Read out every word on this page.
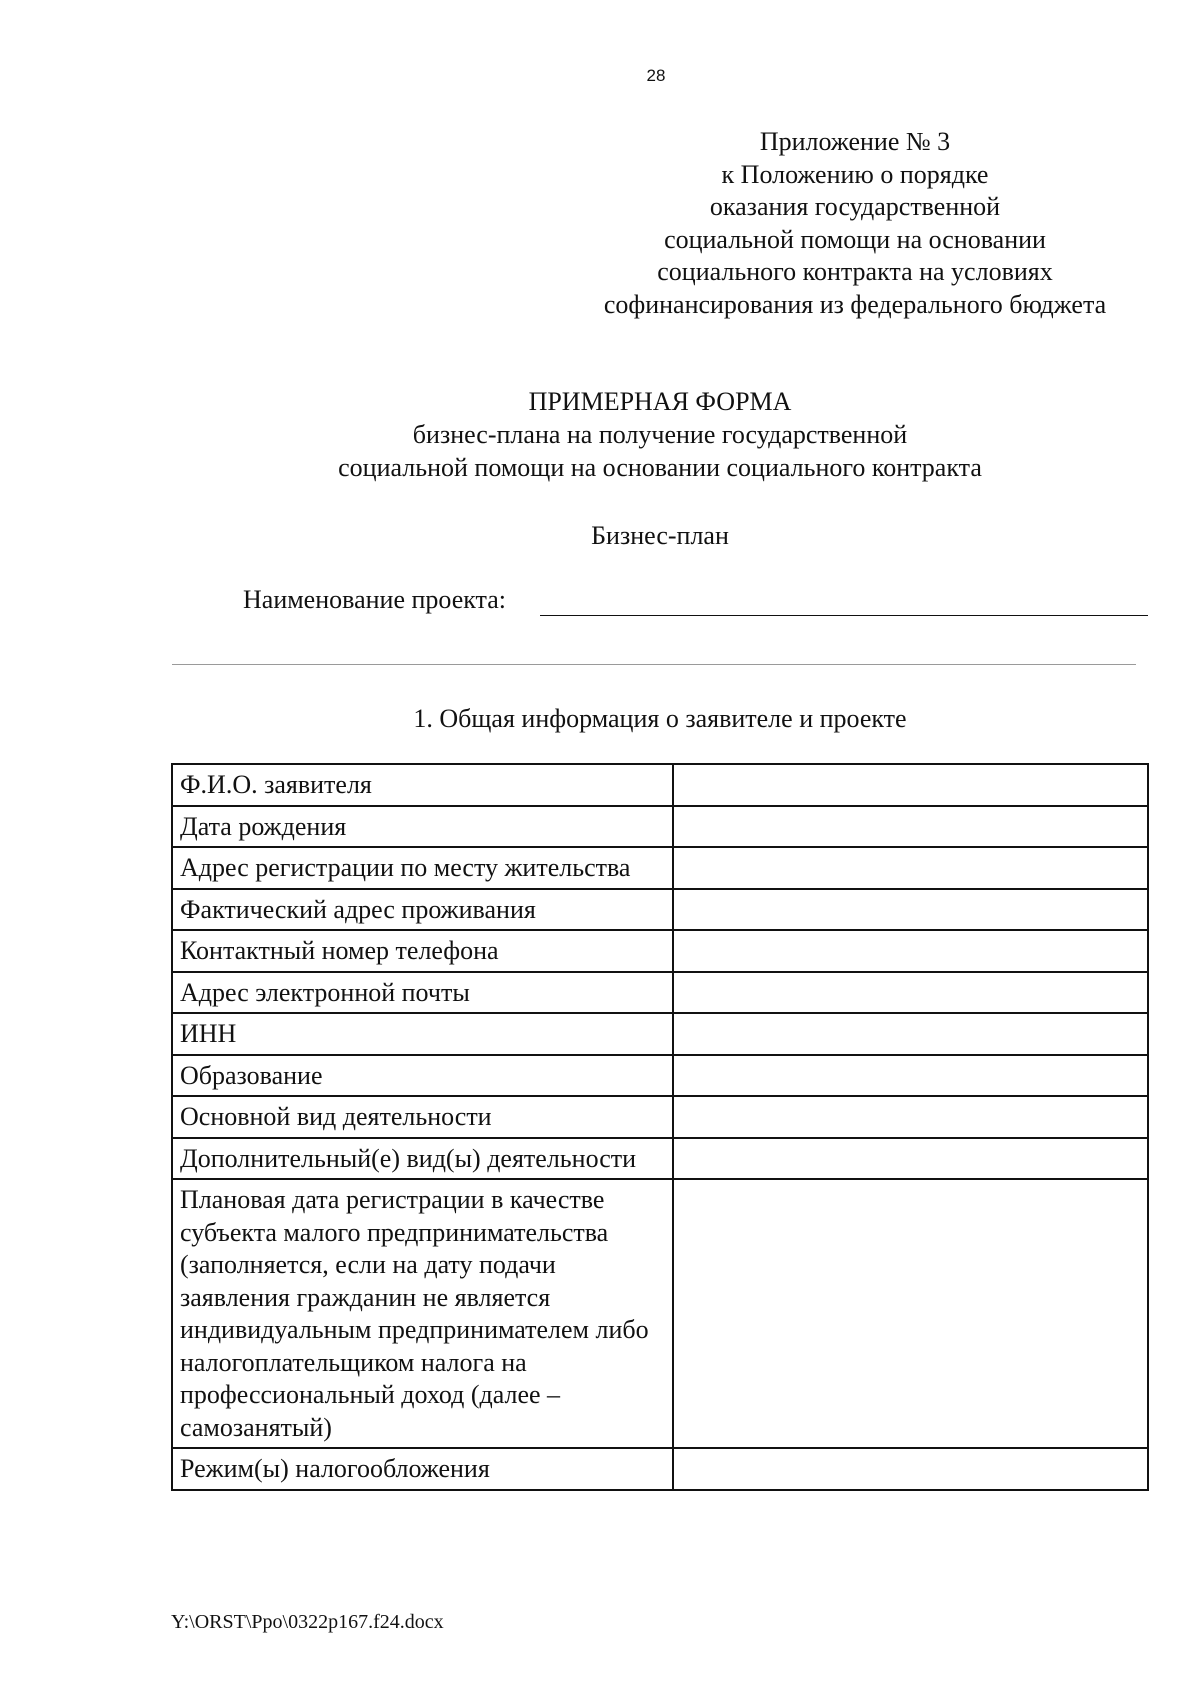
28
Приложение № 3
к Положению о порядке
оказания государственной
социальной помощи на основании
социального контракта на условиях
софинансирования из федерального бюджета
ПРИМЕРНАЯ ФОРМА
бизнес-плана на получение государственной
социальной помощи на основании социального контракта
Бизнес-план
Наименование проекта:
1. Общая информация о заявителе и проекте
Ф.И.О. заявителя	
Дата рождения	
Адрес регистрации по месту жительства	
Фактический адрес проживания	
Контактный номер телефона	
Адрес электронной почты	
ИНН	
Образование	
Основной вид деятельности	
Дополнительный(е) вид(ы) деятельности	
Плановая дата регистрации в качестве субъекта малого предпринимательства (заполняется, если на дату подачи заявления гражданин не является индивидуальным предпринимателем либо налогоплательщиком налога на профессиональный доход (далее – самозанятый)	
Режим(ы) налогообложения	
Y:\ORST\Ppo\0322p167.f24.docx
